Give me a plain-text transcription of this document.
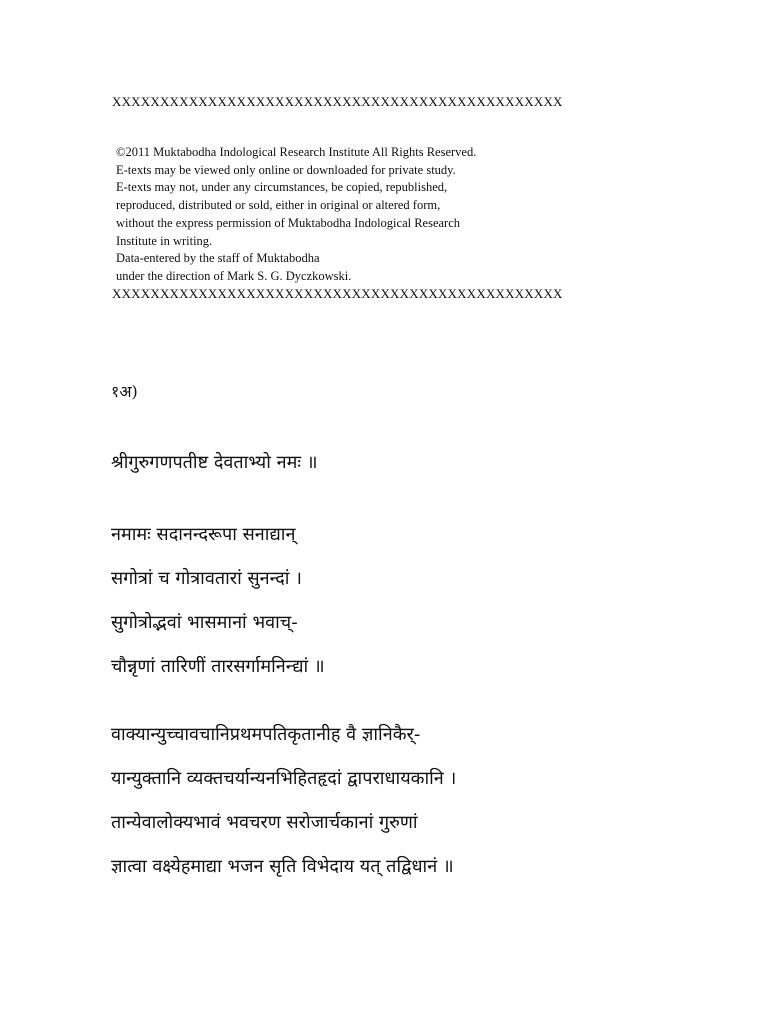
XXXXXXXXXXXXXXXXXXXXXXXXXXXXXXXXXXXXXXXXXXXXXXX
©2011 Muktabodha Indological Research Institute All Rights Reserved.
E-texts may be viewed only online or downloaded for private study.
E-texts may not, under any circumstances, be copied, republished,
reproduced, distributed or sold, either in original or altered form,
without the express permission of Muktabodha Indological Research
Institute in writing.
Data-entered by the staff of Muktabodha
under the direction of Mark S. G. Dyczkowski.
XXXXXXXXXXXXXXXXXXXXXXXXXXXXXXXXXXXXXXXXXXXXXXX
१अ)
श्रीगुरुगणपतीष्ट देवताभ्यो नमः ॥
नमामः सदानन्दरूपा सनाद्यान्
सगोत्रां च गोत्रावतारां सुनन्दां ।
सुगोत्रोद्भवां भासमानां भवाच्-
चौन्नृणां तारिणीं तारसर्गामनिन्द्यां ॥
वाक्यान्युच्चावचानिप्रथमपतिकृतानीह वै ज्ञानिकैर्-
यान्युक्तानि व्यक्तचर्यान्यनभिहितहृदां द्वापराधायकानि ।
तान्येवालोक्यभावं भवचरण सरोजार्चकानां गुरुणां
ज्ञात्वा वक्ष्येहमाद्या भजन सृति विभेदाय यत् तद्विधानं ॥
